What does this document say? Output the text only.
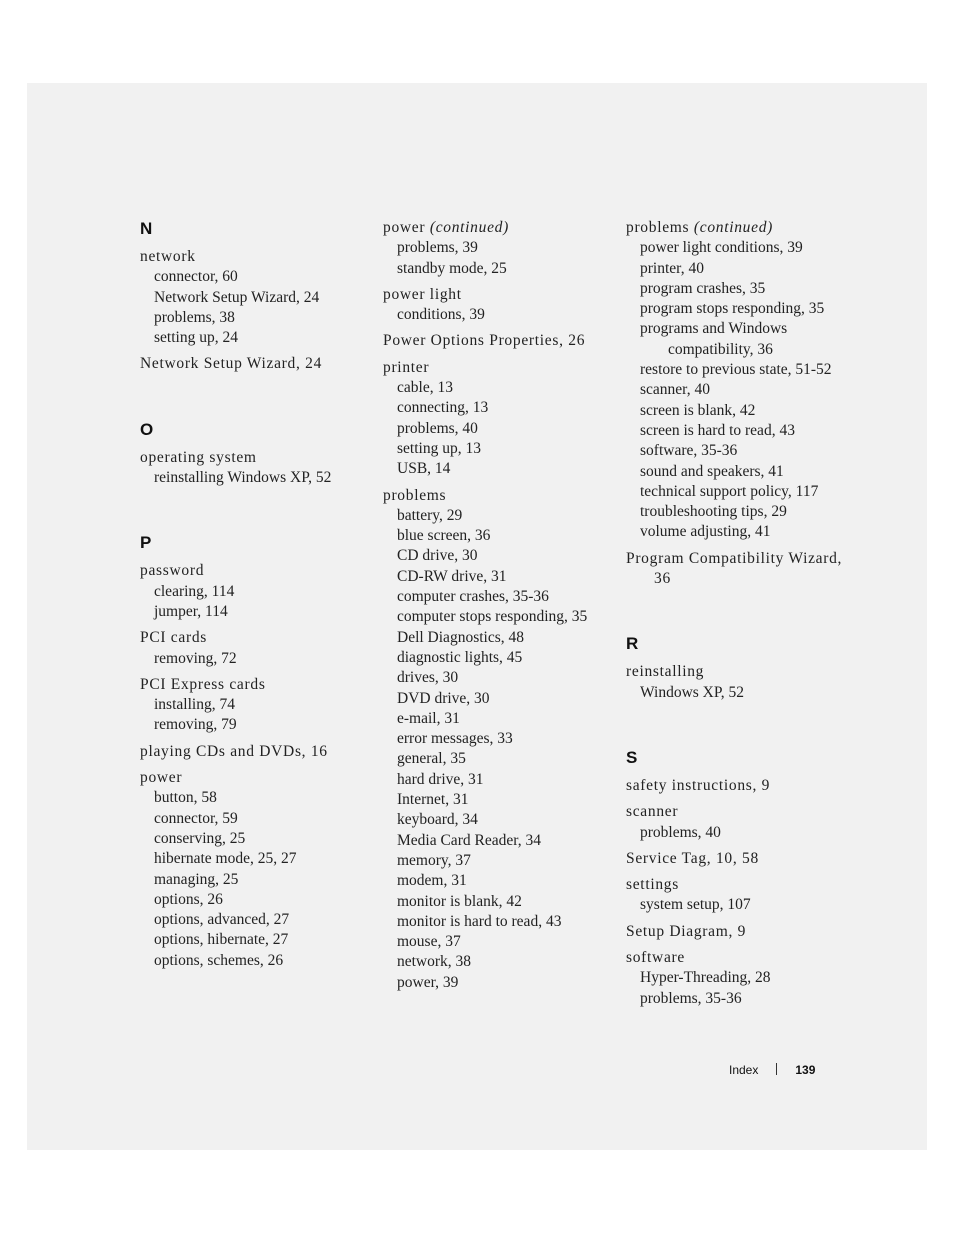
N
network
connector, 60
Network Setup Wizard, 24
problems, 38
setting up, 24
Network Setup Wizard, 24
O
operating system
reinstalling Windows XP, 52
P
password
clearing, 114
jumper, 114
PCI cards
removing, 72
PCI Express cards
installing, 74
removing, 79
playing CDs and DVDs, 16
power
button, 58
connector, 59
conserving, 25
hibernate mode, 25, 27
managing, 25
options, 26
options, advanced, 27
options, hibernate, 27
options, schemes, 26
power (continued)
problems, 39
standby mode, 25
power light
conditions, 39
Power Options Properties, 26
printer
cable, 13
connecting, 13
problems, 40
setting up, 13
USB, 14
problems
battery, 29
blue screen, 36
CD drive, 30
CD-RW drive, 31
computer crashes, 35-36
computer stops responding, 35
Dell Diagnostics, 48
diagnostic lights, 45
drives, 30
DVD drive, 30
e-mail, 31
error messages, 33
general, 35
hard drive, 31
Internet, 31
keyboard, 34
Media Card Reader, 34
memory, 37
modem, 31
monitor is blank, 42
monitor is hard to read, 43
mouse, 37
network, 38
power, 39
problems (continued)
power light conditions, 39
printer, 40
program crashes, 35
program stops responding, 35
programs and Windows compatibility, 36
restore to previous state, 51-52
scanner, 40
screen is blank, 42
screen is hard to read, 43
software, 35-36
sound and speakers, 41
technical support policy, 117
troubleshooting tips, 29
volume adjusting, 41
Program Compatibility Wizard, 36
R
reinstalling
Windows XP, 52
S
safety instructions, 9
scanner
problems, 40
Service Tag, 10, 58
settings
system setup, 107
Setup Diagram, 9
software
Hyper-Threading, 28
problems, 35-36
Index	139
